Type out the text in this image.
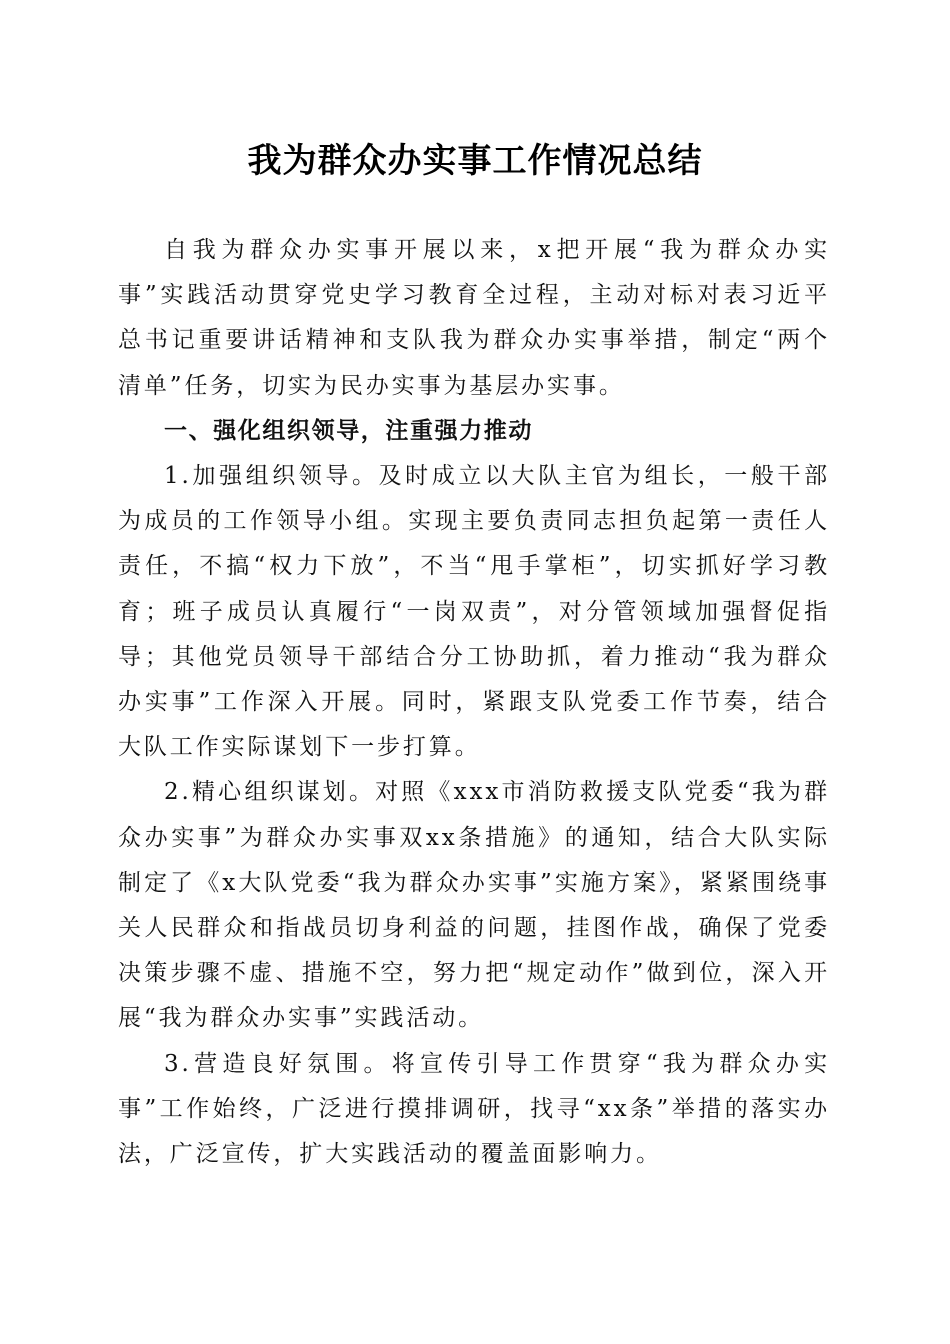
我为群众办实事工作情况总结

自我为群众办实事开展以来，x把开展“我为群众办实事”实践活动贯穿党史学习教育全过程，主动对标对表习近平总书记重要讲话精神和支队我为群众办实事举措，制定“两个清单”任务，切实为民办实事为基层办实事。

一、强化组织领导，注重强力推动

1.加强组织领导。及时成立以大队主官为组长，一般干部为成员的工作领导小组。实现主要负责同志担负起第一责任人责任，不搞“权力下放”，不当“甩手掌柜”，切实抓好学习教育；班子成员认真履行“一岗双责”，对分管领域加强督促指导；其他党员领导干部结合分工协助抓，着力推动“我为群众办实事”工作深入开展。同时，紧跟支队党委工作节奏，结合大队工作实际谋划下一步打算。

2.精心组织谋划。对照《xxx市消防救援支队党委“我为群众办实事”为群众办实事双xx条措施》的通知，结合大队实际制定了《x大队党委“我为群众办实事”实施方案》，紧紧围绕事关人民群众和指战员切身利益的问题，挂图作战，确保了党委决策步骤不虚、措施不空，努力把“规定动作”做到位，深入开展“我为群众办实事”实践活动。

3.营造良好氛围。将宣传引导工作贯穿“我为群众办实事”工作始终，广泛进行摸排调研，找寻“xx条”举措的落实办法，广泛宣传，扩大实践活动的覆盖面影响力。
